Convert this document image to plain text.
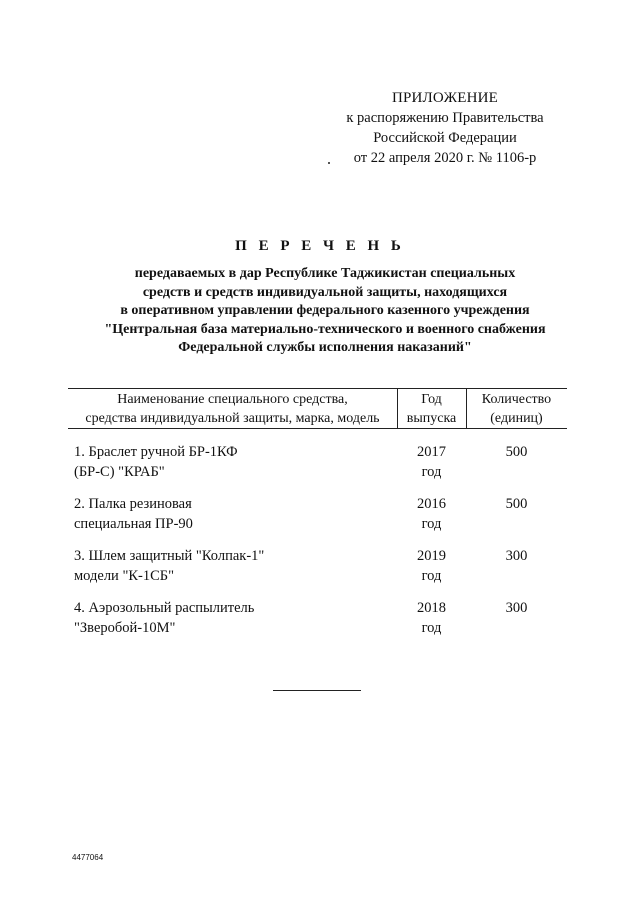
ПРИЛОЖЕНИЕ
к распоряжению Правительства
Российской Федерации
от 22 апреля 2020 г. № 1106-р
П Е Р Е Ч Е Н Ь
передаваемых в дар Республике Таджикистан специальных
средств и средств индивидуальной защиты, находящихся
в оперативном управлении федерального казенного учреждения
"Центральная база материально-технического и военного снабжения
Федеральной службы исполнения наказаний"
Наименование специального средства,
средства индивидуальной защиты, марка, модель
Год
выпуска
Количество
(единиц)
1. Браслет ручной БР-1КФ
(БР-С) "КРАБ"
2017
год
500
2. Палка резиновая
специальная ПР-90
2016
год
500
3. Шлем защитный "Колпак-1"
модели "К-1СБ"
2019
год
300
4. Аэрозольный распылитель
"Зверобой-10М"
2018
год
300
4477064
